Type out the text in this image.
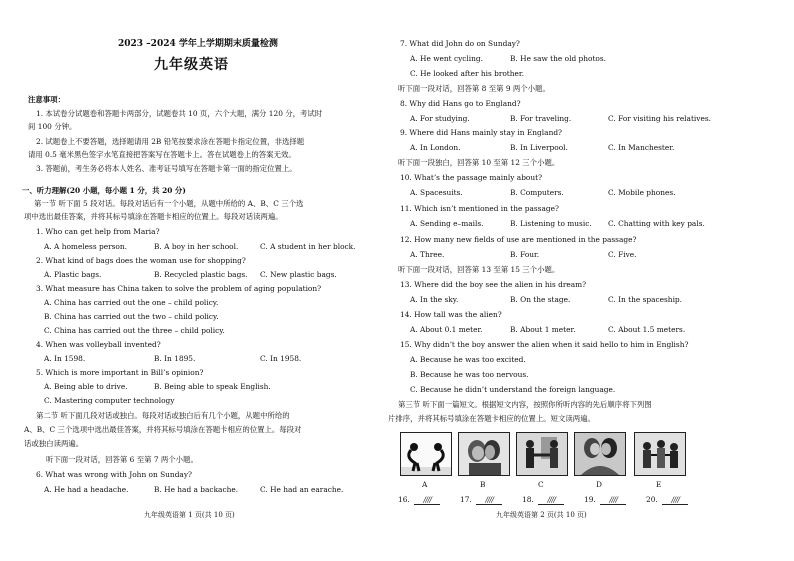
2023 –2024 学年上学期期末质量检测
九年级英语
注意事项：
1. 本试卷分试题卷和答题卡两部分，试题卷共 10 页，六个大题，满分 120 分，考试时
间 100 分钟。
2. 试题卷上不要答题，选择题请用 2B 铅笔按要求涂在答题卡指定位置，非选择题
请用 0.5 毫米黑色签字水笔直接把答案写在答题卡上。答在试题卷上的答案无效。
3. 答题前，考生务必将本人姓名、准考证号填写在答题卡第一面的指定位置上。
一、听力理解(20 小题，每小题 1 分，共 20 分)
第一节 听下面 5 段对话。每段对话后有一个小题，从题中所给的 A、B、C 三个选
项中选出最佳答案，并将其标号填涂在答题卡相应的位置上。每段对话读两遍。
1. Who can get help from Maria?
A. A homeless person.	B. A boy in her school.	C. A student in her block.
2. What kind of bags does the woman use for shopping?
A. Plastic bags.	B. Recycled plastic bags. C. New plastic bags.
3. What measure has China taken to solve the problem of aging population?
A. China has carried out the one – child policy.
B. China has carried out the two – child policy.
C. China has carried out the three – child policy.
4. When was volleyball invented?
A. In 1598.	B. In 1895.	C. In 1958.
5. Which is more important in Bill’s opinion?
A. Being able to drive.	B. Being able to speak English.
C. Mastering computer technology
第二节 听下面几段对话或独白。每段对话或独白后有几个小题，从题中所给的
A、B、C 三个选项中选出最佳答案，并将其标号填涂在答题卡相应的位置上。每段对
话或独白读两遍。
听下面一段对话，回答第 6 至第 7 两个小题。
6. What was wrong with John on Sunday?
A. He had a headache.	B. He had a backache.	C. He had an earache.
九年级英语第 1 页(共 10 页)
7. What did John do on Sunday?
A. He went cycling.	B. He saw the old photos.
C. He looked after his brother.
听下面一段对话，回答第 8 至第 9 两个小题。
8. Why did Hans go to England?
A. For studying.	B. For traveling.	C. For visiting his relatives.
9. Where did Hans mainly stay in England?
A. In London.	B. In Liverpool.	C. In Manchester.
听下面一段独白，回答第 10 至第 12 三个小题。
10. What’s the passage mainly about?
A. Spacesuits.	B. Computers.	C. Mobile phones.
11. Which isn’t mentioned in the passage?
A. Sending e–mails.	B. Listening to music. C. Chatting with key pals.
12. How many new fields of use are mentioned in the passage?
A. Three.	B. Four.	C. Five.
听下面一段对话，回答第 13 至第 15 三个小题。
13. Where did the boy see the alien in his dream?
A. In the sky.	B. On the stage.	C. In the spaceship.
14. How tall was the alien?
A. About 0.1 meter.	B. About 1 meter.	C. About 1.5 meters.
15. Why didn’t the boy answer the alien when it said hello to him in English?
A. Because he was too excited.
B. Because he was too nervous.
C. Because he didn’t understand the foreign language.
第三节 听下面一篇短文。根据短文内容，按照你所听内容的先后顺序将下列图
片排序，并将其标号填涂在答题卡相应的位置上。短文读两遍。
A	B	C	D	E
16. ////	17. ////	18. ////	19. ////	20. ////
九年级英语第 2 页(共 10 页)
